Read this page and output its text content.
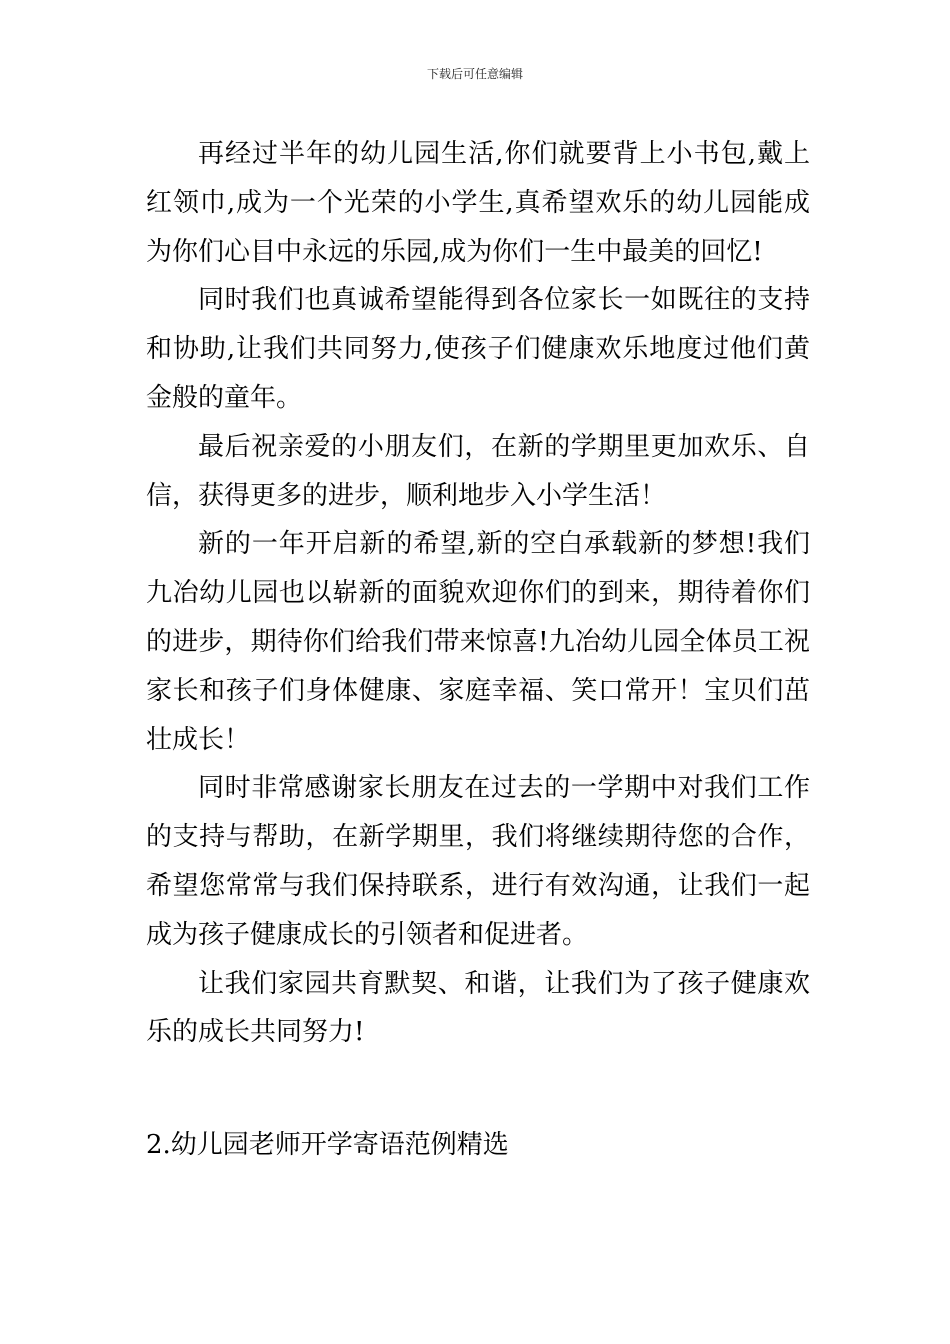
下载后可任意编辑

再经过半年的幼儿园生活,你们就要背上小书包,戴上红领巾,成为一个光荣的小学生,真希望欢乐的幼儿园能成为你们心目中永远的乐园,成为你们一生中最美的回忆!

同时我们也真诚希望能得到各位家长一如既往的支持和协助,让我们共同努力,使孩子们健康欢乐地度过他们黄金般的童年。

最后祝亲爱的小朋友们，在新的学期里更加欢乐、自信，获得更多的进步，顺利地步入小学生活！

新的一年开启新的希望,新的空白承载新的梦想!我们九冶幼儿园也以崭新的面貌欢迎你们的到来，期待着你们的进步，期待你们给我们带来惊喜!九冶幼儿园全体员工祝家长和孩子们身体健康、家庭幸福、笑口常开！宝贝们茁壮成长！

同时非常感谢家长朋友在过去的一学期中对我们工作的支持与帮助，在新学期里，我们将继续期待您的合作，希望您常常与我们保持联系，进行有效沟通，让我们一起成为孩子健康成长的引领者和促进者。

让我们家园共育默契、和谐，让我们为了孩子健康欢乐的成长共同努力!

2.幼儿园老师开学寄语范例精选
